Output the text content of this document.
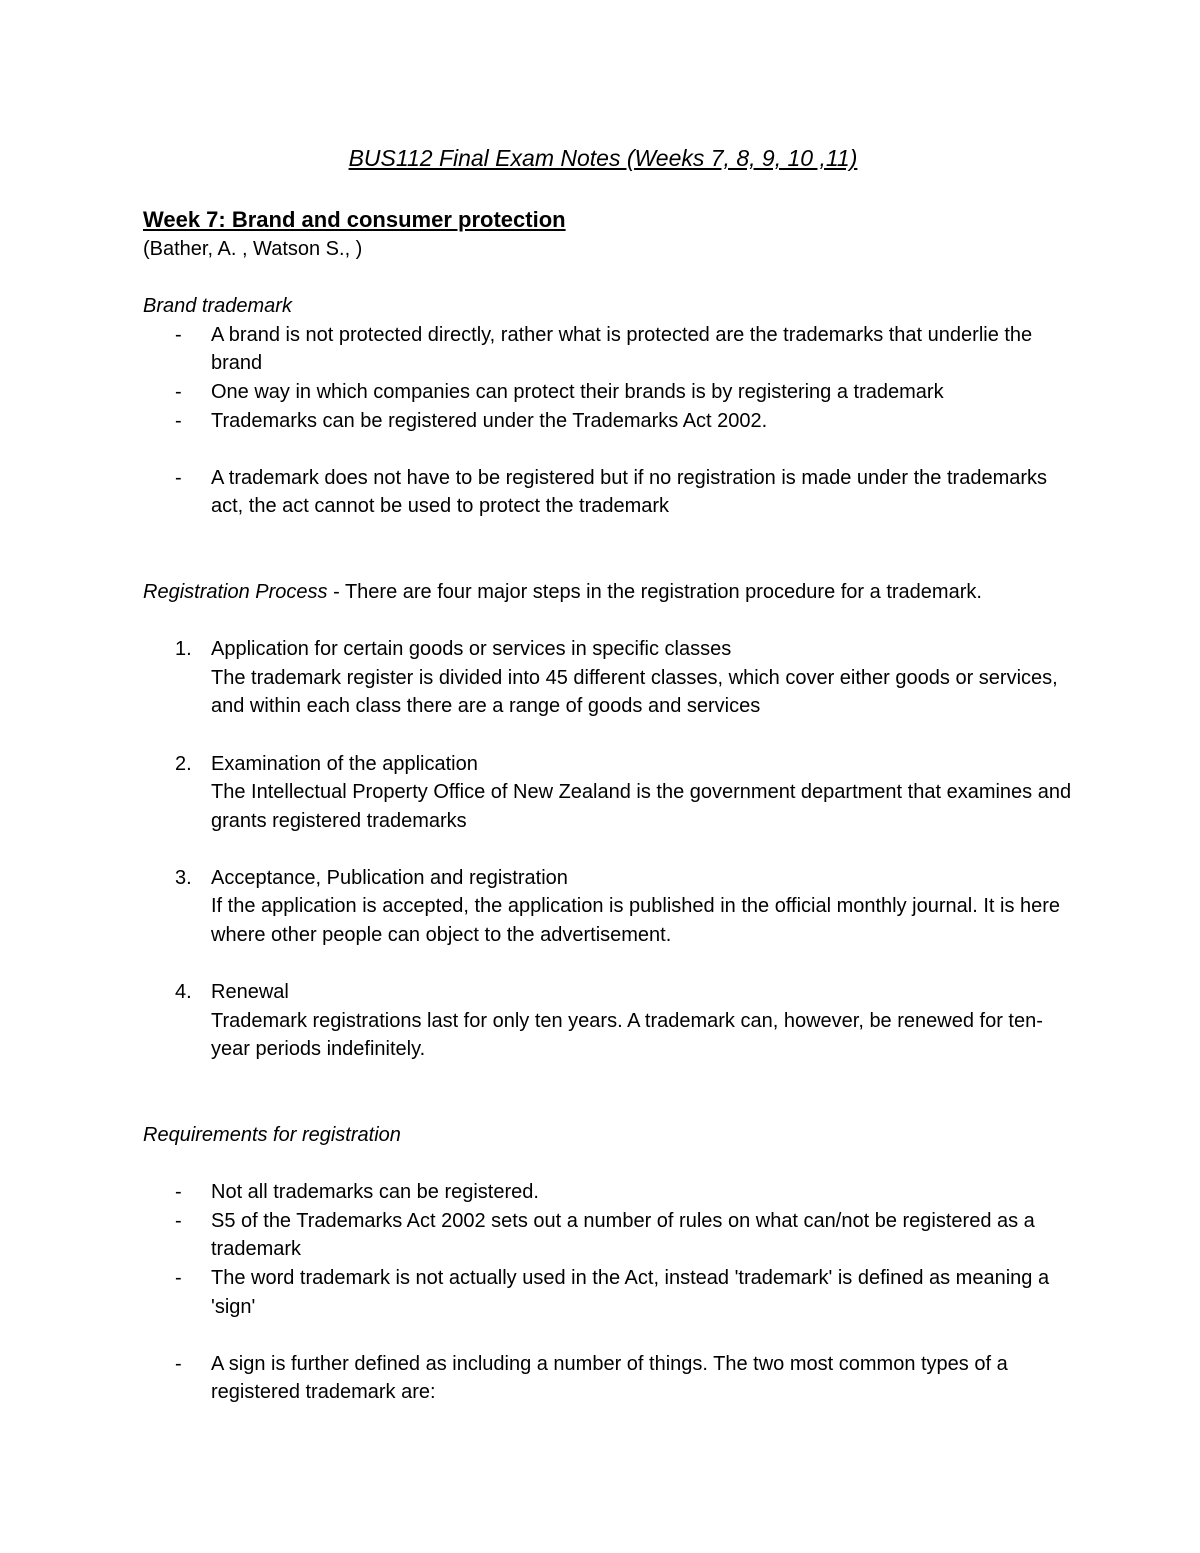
BUS112 Final Exam Notes (Weeks 7, 8, 9, 10 ,11)
Week 7: Brand and consumer protection
(Bather, A. , Watson S., )
Brand trademark
- A brand is not protected directly, rather what is protected are the trademarks that underlie the brand
- One way in which companies can protect their brands is by registering a trademark
- Trademarks can be registered under the Trademarks Act 2002.
- A trademark does not have to be registered but if no registration is made under the trademarks act, the act cannot be used to protect the trademark
Registration Process - There are four major steps in the registration procedure for a trademark.
1. Application for certain goods or services in specific classes
The trademark register is divided into 45 different classes, which cover either goods or services, and within each class there are a range of goods and services
2. Examination of the application
The Intellectual Property Office of New Zealand is the government department that examines and grants registered trademarks
3. Acceptance, Publication and registration
If the application is accepted, the application is published in the official monthly journal. It is here where other people can object to the advertisement.
4. Renewal
Trademark registrations last for only ten years. A trademark can, however, be renewed for ten-year periods indefinitely.
Requirements for registration
- Not all trademarks can be registered.
- S5 of the Trademarks Act 2002 sets out a number of rules on what can/not be registered as a trademark
- The word trademark is not actually used in the Act, instead 'trademark' is defined as meaning a 'sign'
- A sign is further defined as including a number of things. The two most common types of a registered trademark are:
